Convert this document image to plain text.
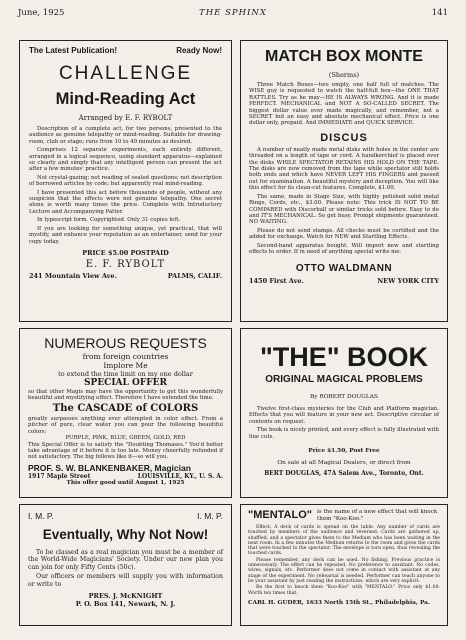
June, 1925	THE SPHINX	141
The Latest Publication!	Ready Now!
CHALLENGE
Mind-Reading Act
Arranged by E. F. RYBOLT

Description of a complete act, for two persons, presented to the audience as genuine telepathy or mind-reading. Suitable for drawing-room, club or stage; runs from 10 to 40 minutes as desired.

Comprises 12 separate experiments, each entirely different, arranged in a logical sequence, using standard apparatus—explained so clearly and simply that any intelligent person can present the act after a few minutes' practice.

Not crystal-gazing; not reading of sealed questions; not description of borrowed articles by code; but apparently real mind-reading.

I have presented this act before thousands of people, without any suspicion that the effects were not genuine telepathy. One secret alone is worth many times the price. Complete with Introductory Lecture and Accompanying Patter.

In typescript form. Copyrighted. Only 31 copies left.

If you are looking for something unique, yet practical, that will mystify, and enhance your reputation as an entertainer, send for your copy today.

PRICE $5.00 POSTPAID
E. F. RYBOLT
241 Mountain View Ave.	PALMS, CALIF.
MATCH BOX MONTE
(Sherms)

Three Match Boxes—two empty, one half full of matches. The WISE guy is requested to watch the half-full box—the ONE THAT RATTLES. Try as he may—HE IS ALWAYS WRONG. And it is made PERFECT. MECHANICAL and NOT A SO-CALLED SECRET. The biggest dollar value ever made magically, and remember, not a SECRET but an easy and absolute mechanical effect. Price is one dollar only, prepaid. And IMMEDIATE and QUICK SERVICE.

DISCUS

A number of neatly made metal disks with holes in the center are threaded on a length of tape or cord. A handkerchief is placed over the disks WHILE SPECTATOR RETAINS HIS HOLD ON THE TAPE. The disks are now removed from the tape while spectator still holds both ends and which have NEVER LEFT HIS FINGERS and passed out for examination. A beautiful mystery and deception. You will like this effect for its clean-cut features. Complete, $1.00.

The same, made in Stage Size, with highly polished solid metal Rings, Cords, etc., $3.00. Please note: This trick IS NOT TO BE COMPARED with Discorball or similar tricks sold before. Easy to do and IT'S MECHANICAL. So get busy. Prompt shipments guaranteed. NO WAITING.

Please do not send stamps. All checks must be certified and the added for exchange. Watch for NEW and Startling Effects.

Second-hand apparatus bought. Will import new and startling effects to order. If in need of anything special write me.

OTTO WALDMANN
1450 First Ave.	NEW YORK CITY
NUMEROUS REQUESTS
from foreign countries
Implore Me
to extend the time limit on my one dollar
SPECIAL OFFER

so that other Magis may have the opportunity to get this wonderfully beautiful and mystifying effect. Therefore I have extended the time.

The CASCADE of COLORS

greatly surpasses anything ever attempted in color effect. From a pitcher of pure, clear water you can pour the following beautiful colors:

PURPLE, PINK, BLUE, GREEN, GOLD, RED

This Special Offer is to satisfy the "Doubting Thomases." You'd better take advantage of it before it is too late. Money cheerfully refunded if not satisfactory. The big fellows like it—so will you.

PROF. S. W. BLANKENBAKER, Magician
1917 Maple Street	LOUISVILLE, KY., U. S. A.
This offer good until August 1, 1925
"THE" BOOK
ORIGINAL MAGICAL PROBLEMS
By ROBERT DOUGLAS

Twelve first-class mysteries for the Club and Platform magician. Effects that you will feature in your new act. Descriptive circular of contents on request.

The book is nicely printed, and every effect is fully illustrated with line cuts.

Price $1.50, Post Free
On sale at all Magical Dealers, or direct from
BERT DOUGLAS, 47A Salem Ave., Toronto, Ont.
I. M. P.	I. M. P.
Eventually, Why Not Now!

To be classed as a real magician you must be a member of the World-Wide Magicians' Society. Under our new plan you can join for only Fifty Cents (50c).

Our officers or members will supply you with information or write to

PRES. J. McKNIGHT
P. O. Box 141, Newark, N. J.
"MENTALO" is the name of a new effect that will knock them "Koo-Koo."

Effect: A deck of cards is spread on the table. Any number of cards are touched by members of the audience and reversed. Cards are gathered up, shuffled, and a spectator gives them to the Medium who has been waiting in the next room. In a few minutes the Medium returns to the room and gives the cards that were touched to the spectator. The envelope is torn open, thus revealing the touched cards.

Please remember, any deck can be used. No fishing. Previous practice is unnecessary. The effect can be repeated. No preference to assistant. No codes, wires, signals, etc. Performer does not come in contact with assistant at any stage of the experiment. No rehearsal is needed. Performer can teach anyone to be your assistant by just reading the instructions, which are very explicit.

Be the first to knock them "Koo-Koo" with "MENTALO." Price only $1.00. Worth ten times that.

CARL H. GUDER, 1633 North 15th St., Philadelphia, Pa.
